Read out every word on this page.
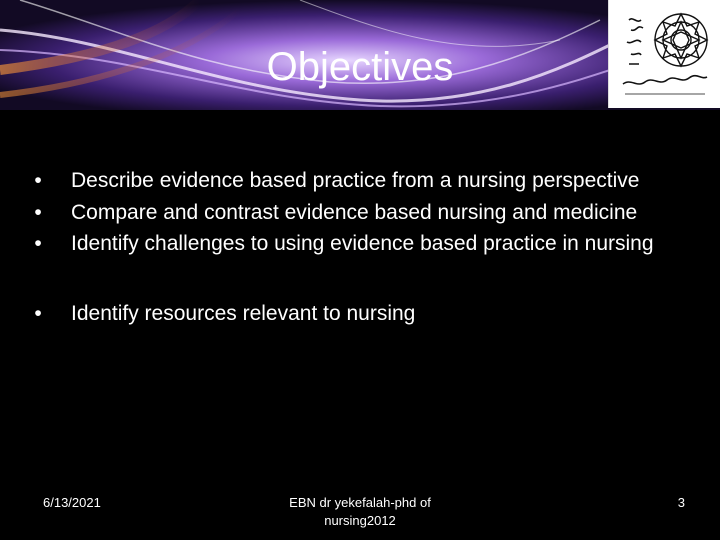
Objectives
•	Describe evidence based practice from a nursing perspective
•	Compare and contrast evidence based nursing and medicine
•	Identify challenges to using evidence based practice in nursing
•	Identify resources relevant to nursing
6/13/2021	EBN dr yekefalah-phd of nursing2012
3
